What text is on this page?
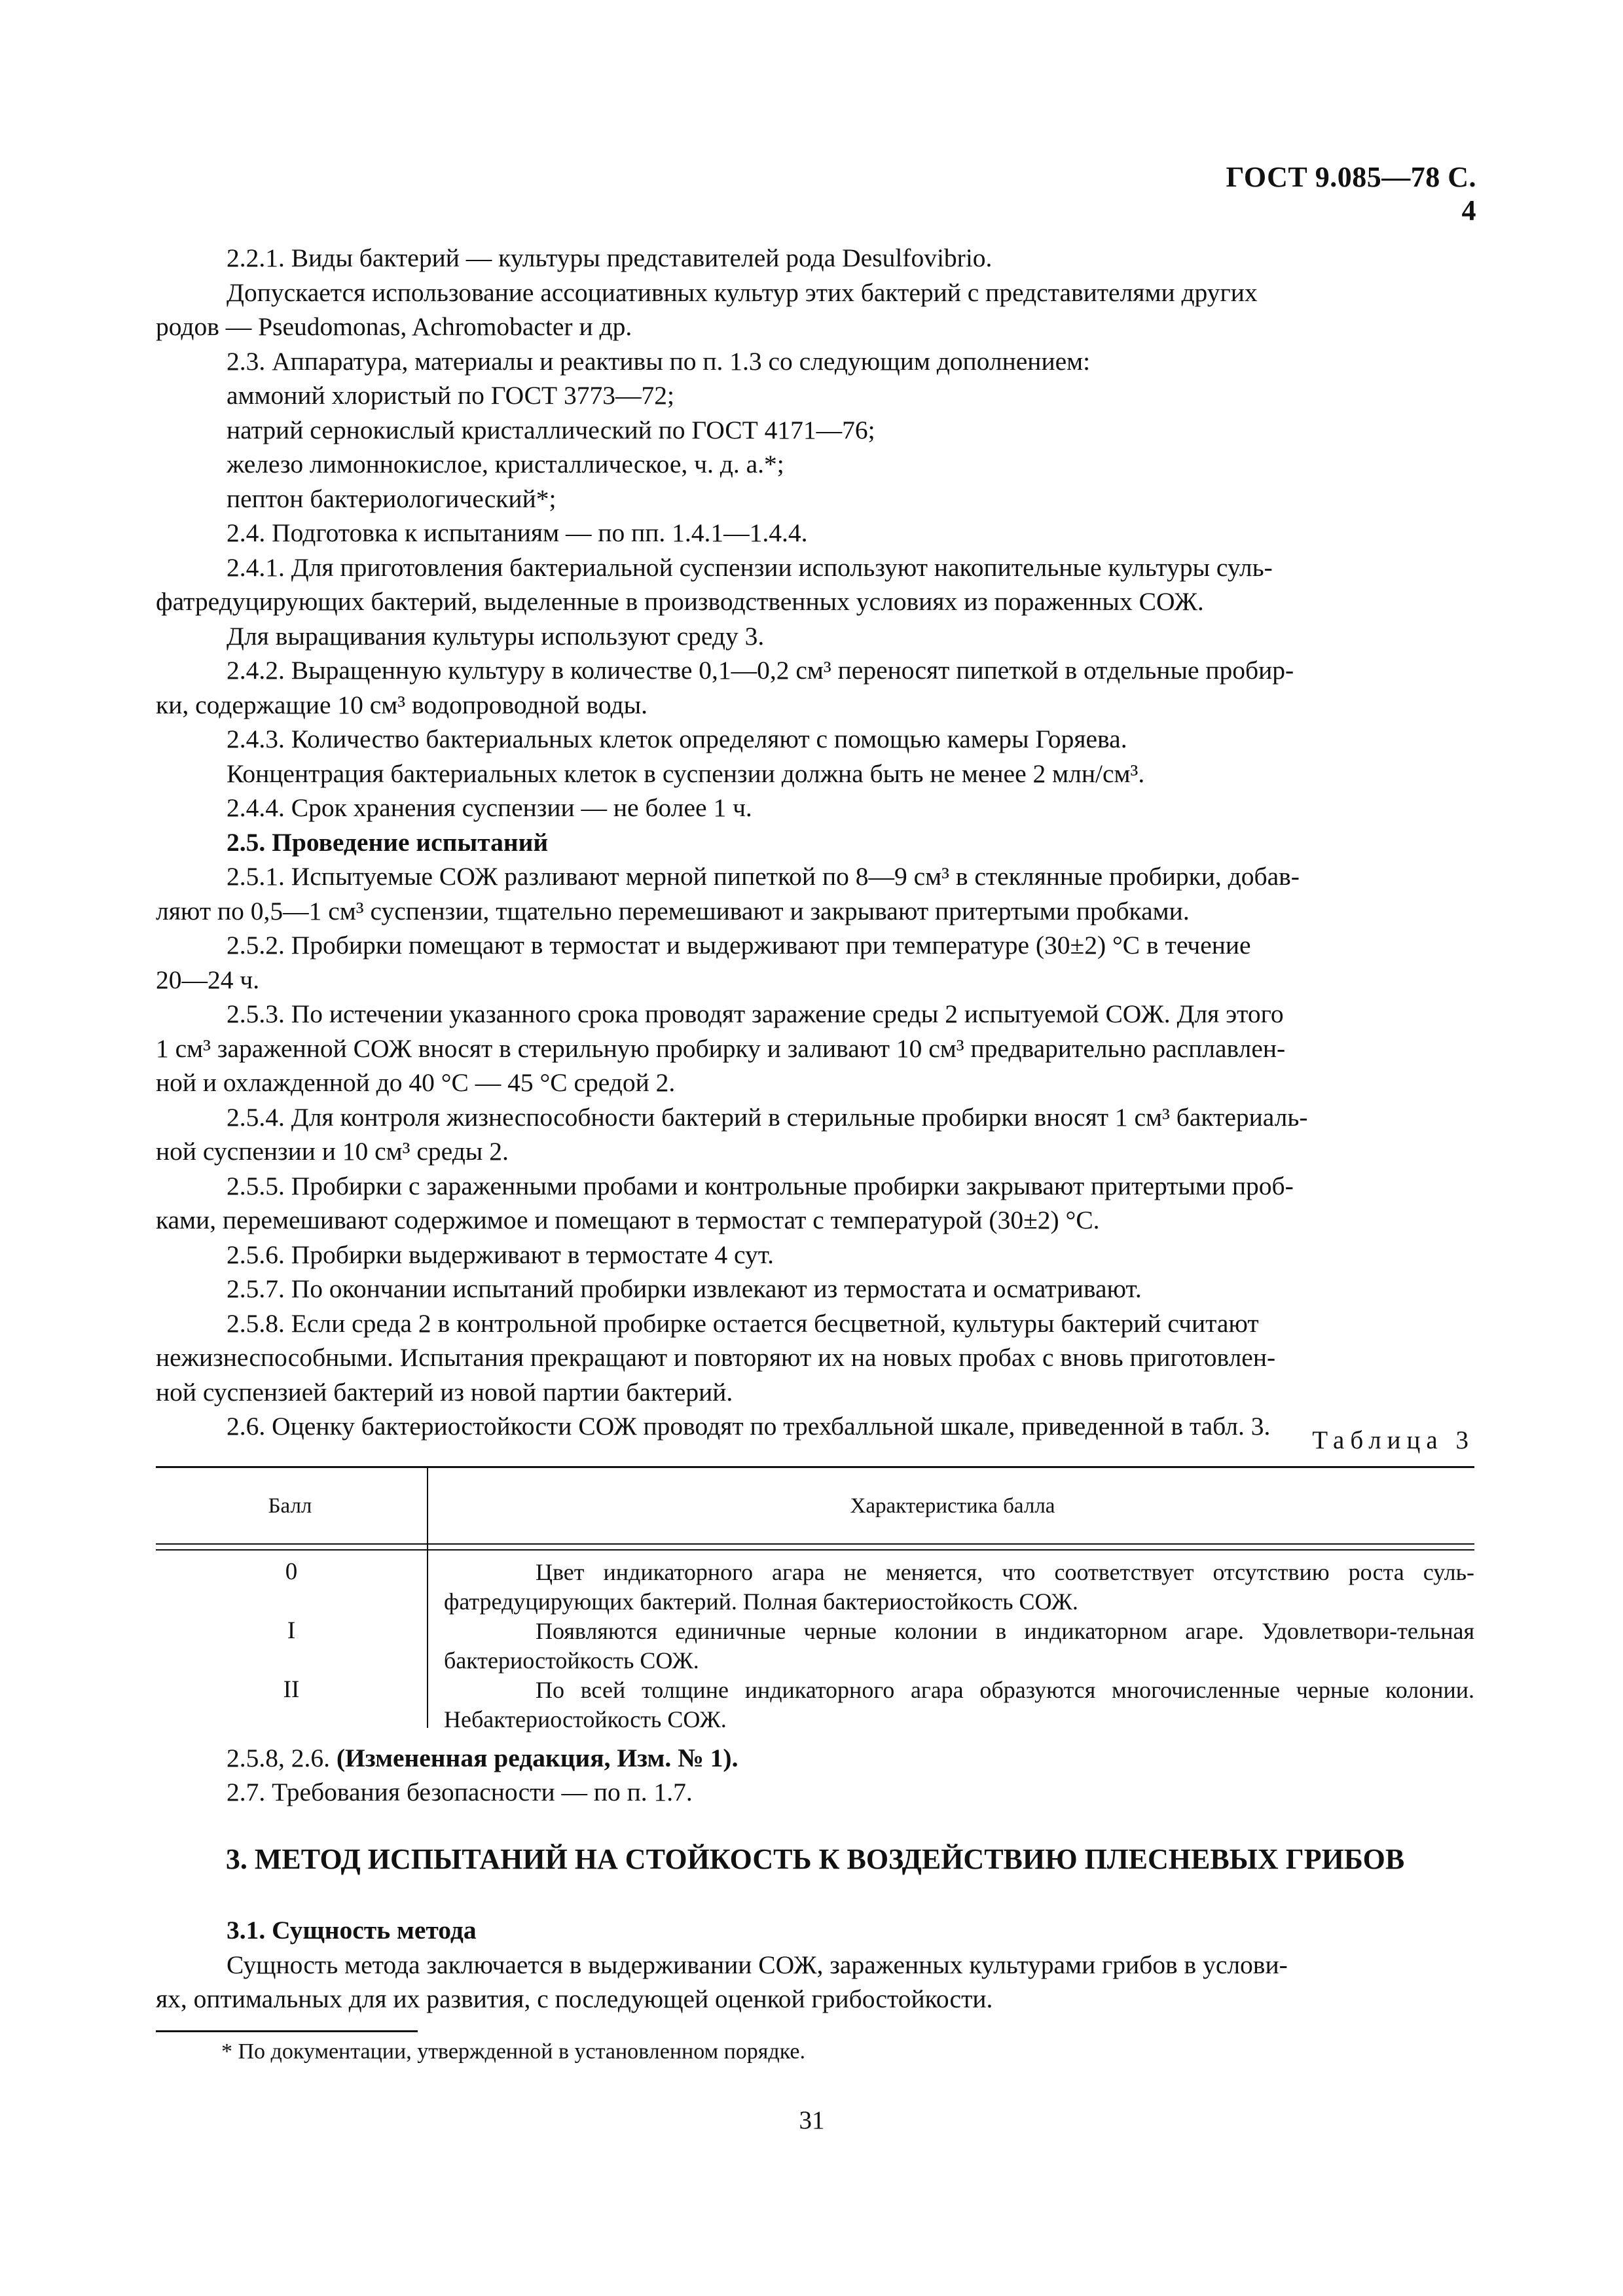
ГОСТ 9.085—78 С. 4

2.2.1. Виды бактерий — культуры представителей рода Desulfovibrio.

Допускается использование ассоциативных культур этих бактерий с представителями других

родов — Pseudomonas, Achromobacter и др.

2.3. Аппаратура, материалы и реактивы по п. 1.3 со следующим дополнением:

аммоний хлористый по ГОСТ 3773—72;

натрий сернокислый кристаллический по ГОСТ 4171—76;

железо лимоннокислое, кристаллическое, ч. д. а.*;

пептон бактериологический*;

2.4. Подготовка к испытаниям — по пп. 1.4.1—1.4.4.

2.4.1. Для приготовления бактериальной суспензии используют накопительные культуры суль-

фатредуцирующих бактерий, выделенные в производственных условиях из пораженных СОЖ.

Для выращивания культуры используют среду 3.

2.4.2. Выращенную культуру в количестве 0,1—0,2 см³ переносят пипеткой в отдельные пробир-

ки, содержащие 10 см³ водопроводной воды.

2.4.3. Количество бактериальных клеток определяют с помощью камеры Горяева.

Концентрация бактериальных клеток в суспензии должна быть не менее 2 млн/см³.

2.4.4. Срок хранения суспензии — не более 1 ч.

2.5. Проведение испытаний

2.5.1. Испытуемые СОЖ разливают мерной пипеткой по 8—9 см³ в стеклянные пробирки, добав-

ляют по 0,5—1 см³ суспензии, тщательно перемешивают и закрывают притертыми пробками.

2.5.2. Пробирки помещают в термостат и выдерживают при температуре (30±2) °С в течение

20—24 ч.

2.5.3. По истечении указанного срока проводят заражение среды 2 испытуемой СОЖ. Для этого

1 см³ зараженной СОЖ вносят в стерильную пробирку и заливают 10 см³ предварительно расплавлен-

ной и охлажденной до 40 °С — 45 °С средой 2.

2.5.4. Для контроля жизнеспособности бактерий в стерильные пробирки вносят 1 см³ бактериаль-

ной суспензии и 10 см³ среды 2.

2.5.5. Пробирки с зараженными пробами и контрольные пробирки закрывают притертыми проб-

ками, перемешивают содержимое и помещают в термостат с температурой (30±2) °С.

2.5.6. Пробирки выдерживают в термостате 4 сут.

2.5.7. По окончании испытаний пробирки извлекают из термостата и осматривают.

2.5.8. Если среда 2 в контрольной пробирке остается бесцветной, культуры бактерий считают

нежизнеспособными. Испытания прекращают и повторяют их на новых пробах с вновь приготовлен-

ной суспензией бактерий из новой партии бактерий.

2.6. Оценку бактериостойкости СОЖ проводят по трехбалльной шкале, приведенной в табл. 3.	Таблица 3
Балл	Характеристика балла
0	Цвет индикаторного агара не меняется, что соответствует отсутствию роста суль-фатредуцирующих бактерий. Полная бактериостойкость СОЖ.
I	Появляются единичные черные колонии в индикаторном агаре. Удовлетвори-тельная бактериостойкость СОЖ.
II	По всей толщине индикаторного агара образуются многочисленные черные колонии. Небактериостойкость СОЖ.

2.5.8, 2.6. (Измененная редакция, Изм. № 1).

2.7. Требования безопасности — по п. 1.7.

3. МЕТОД ИСПЫТАНИЙ НА СТОЙКОСТЬ К ВОЗДЕЙСТВИЮ ПЛЕСНЕВЫХ ГРИБОВ

3.1. Сущность метода

Сущность метода заключается в выдерживании СОЖ, зараженных культурами грибов в услови-

ях, оптимальных для их развития, с последующей оценкой грибостойкости.

* По документации, утвержденной в установленном порядке.
31
